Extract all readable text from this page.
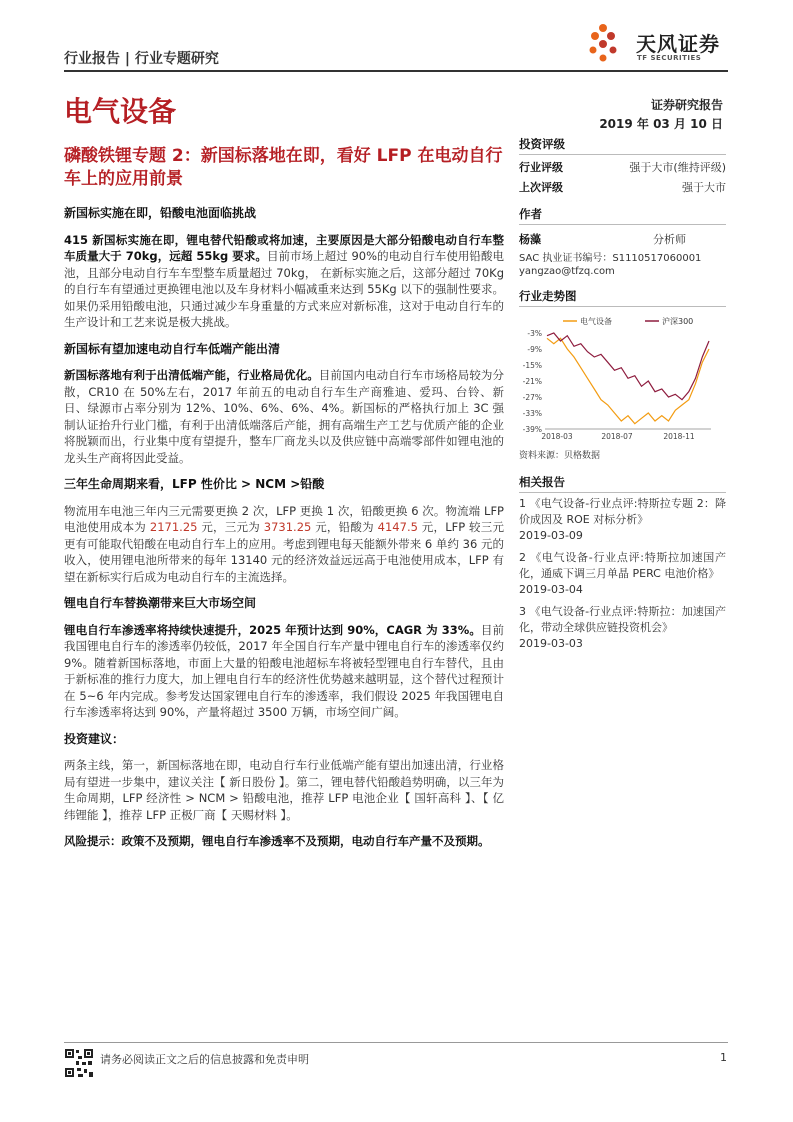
行业报告 | 行业专题研究
天风证券
TF SECURITIES
电气设备	证券研究报告
2019 年 03 月 10 日
磷酸铁锂专题 2：新国标落地在即，看好 LFP 在电动自行车上的应用前景
新国标实施在即，铅酸电池面临挑战

415 新国标实施在即，锂电替代铅酸或将加速，主要原因是大部分铅酸电动自行车整车质量大于 70kg，远超 55kg 要求。目前市场上超过 90%的电动自行车使用铅酸电池，且部分电动自行车车型整车质量超过 70kg， 在新标实施之后，这部分超过 70Kg 的自行车有望通过更换锂电池以及车身材料小幅减重来达到 55Kg 以下的强制性要求。如果仍采用铅酸电池，只通过减少车身重量的方式来应对新标准，这对于电动自行车的生产设计和工艺来说是极大挑战。

新国标有望加速电动自行车低端产能出清

新国标落地有利于出清低端产能，行业格局优化。目前国内电动自行车市场格局较为分散，CR10 在 50%左右，2017 年前五的电动自行车生产商雅迪、爱玛、台铃、新日、绿源市占率分别为 12%、10%、6%、6%、4%。新国标的严格执行加上 3C 强制认证抬升行业门槛，有利于出清低端落后产能，拥有高端生产工艺与优质产能的企业将脱颖而出，行业集中度有望提升，整车厂商龙头以及供应链中高端零部件如锂电池的龙头生产商将因此受益。

三年生命周期来看，LFP 性价比 > NCM >铅酸

物流用车电池三年内三元需要更换 2 次，LFP 更换 1 次，铅酸更换 6 次。物流端 LFP 电池使用成本为 2171.25 元，三元为 3731.25 元，铅酸为 4147.5 元，LFP 较三元更有可能取代铅酸在电动自行车上的应用。考虑到锂电每天能额外带来 6 单约 36 元的收入，使用锂电池所带来的每年 13140 元的经济效益远远高于电池使用成本，LFP 有望在新标实行后成为电动自行车的主流选择。

锂电自行车替换潮带来巨大市场空间

锂电自行车渗透率将持续快速提升，2025 年预计达到 90%，CAGR 为 33%。目前我国锂电自行车的渗透率仍较低，2017 年全国自行车产量中锂电自行车的渗透率仅约 9%。随着新国标落地，市面上大量的铅酸电池超标车将被轻型锂电自行车替代，且由于新标准的推行力度大，加上锂电自行车的经济性优势越来越明显，这个替代过程预计在 5~6 年内完成。参考发达国家锂电自行车的渗透率，我们假设 2025 年我国锂电自行车渗透率将达到 90%，产量将超过 3500 万辆，市场空间广阔。

投资建议：

两条主线，第一，新国标落地在即，电动自行车行业低端产能有望出加速出清，行业格局有望进一步集中，建议关注【 新日股份 】。第二，锂电替代铅酸趋势明确，以三年为生命周期，LFP 经济性 > NCM > 铅酸电池，推荐 LFP 电池企业【 国轩高科 】、【 亿纬锂能 】，推荐 LFP 正极厂商【 天赐材料 】。

风险提示：政策不及预期，锂电自行车渗透率不及预期，电动自行车产量不及预期。

投资评级
行业评级	强于大市(维持评级)
上次评级	强于大市
作者
杨藻	分析师
SAC 执业证书编号：S1110517060001
yangzao@tfzq.com
行业走势图
-3%
-9%
-15%
-21%
-27%
-33%
-39%
2018-03	2018-07	2018-11
电气设备	沪深300
资料来源：贝格数据
相关报告

1 《电气设备-行业点评:特斯拉专题 2：降价成因及 ROE 对标分析》
2019-03-09

2 《电气设备-行业点评:特斯拉加速国产化，通威下调三月单晶 PERC 电池价格》
2019-03-04

3 《电气设备-行业点评:特斯拉：加速国产化，带动全球供应链投资机会》
2019-03-03

请务必阅读正文之后的信息披露和免责申明	1
